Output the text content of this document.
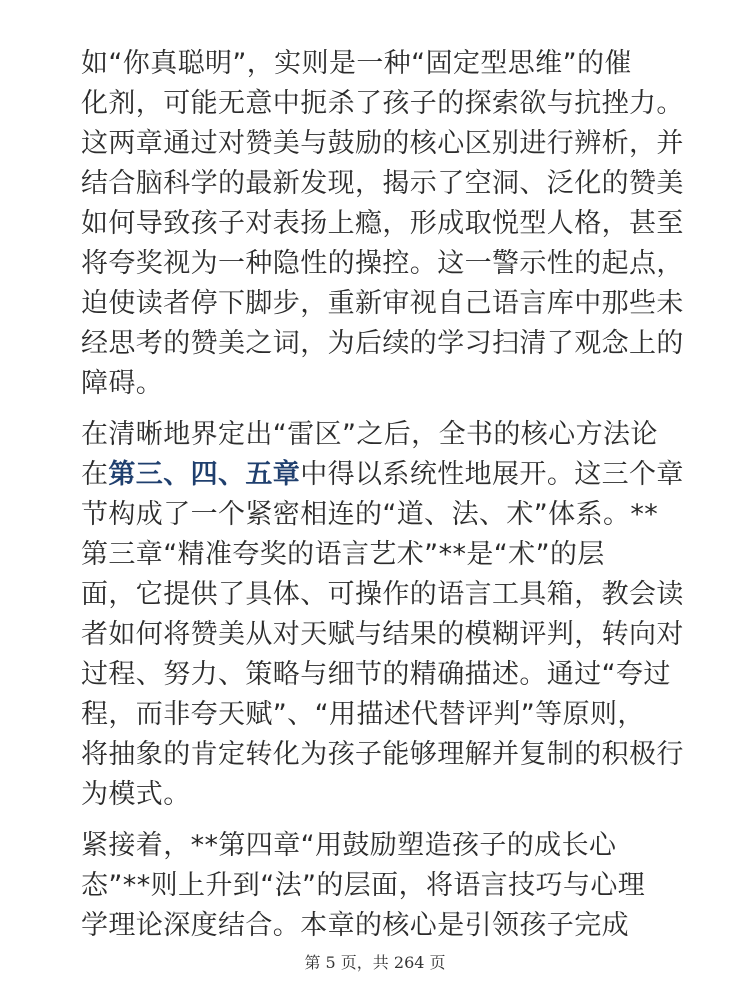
如“你真聪明”，实则是一种“固定型思维”的催
化剂，可能无意中扼杀了孩子的探索欲与抗挫力。
这两章通过对赞美与鼓励的核心区别进行辨析，并
结合脑科学的最新发现，揭示了空洞、泛化的赞美
如何导致孩子对表扬上瘾，形成取悦型人格，甚至
将夸奖视为一种隐性的操控。这一警示性的起点，
迫使读者停下脚步，重新审视自己语言库中那些未
经思考的赞美之词，为后续的学习扫清了观念上的
障碍。

在清晰地界定出“雷区”之后，全书的核心方法论
在第三、四、五章中得以系统性地展开。这三个章
节构成了一个紧密相连的“道、法、术”体系。**
第三章“精准夸奖的语言艺术”**是“术”的层
面，它提供了具体、可操作的语言工具箱，教会读
者如何将赞美从对天赋与结果的模糊评判，转向对
过程、努力、策略与细节的精确描述。通过“夸过
程，而非夸天赋”、“用描述代替评判”等原则，
将抽象的肯定转化为孩子能够理解并复制的积极行
为模式。

紧接着，**第四章“用鼓励塑造孩子的成长心
态”**则上升到“法”的层面，将语言技巧与心理
学理论深度结合。本章的核心是引领孩子完成

第 5 页，共 264 页
